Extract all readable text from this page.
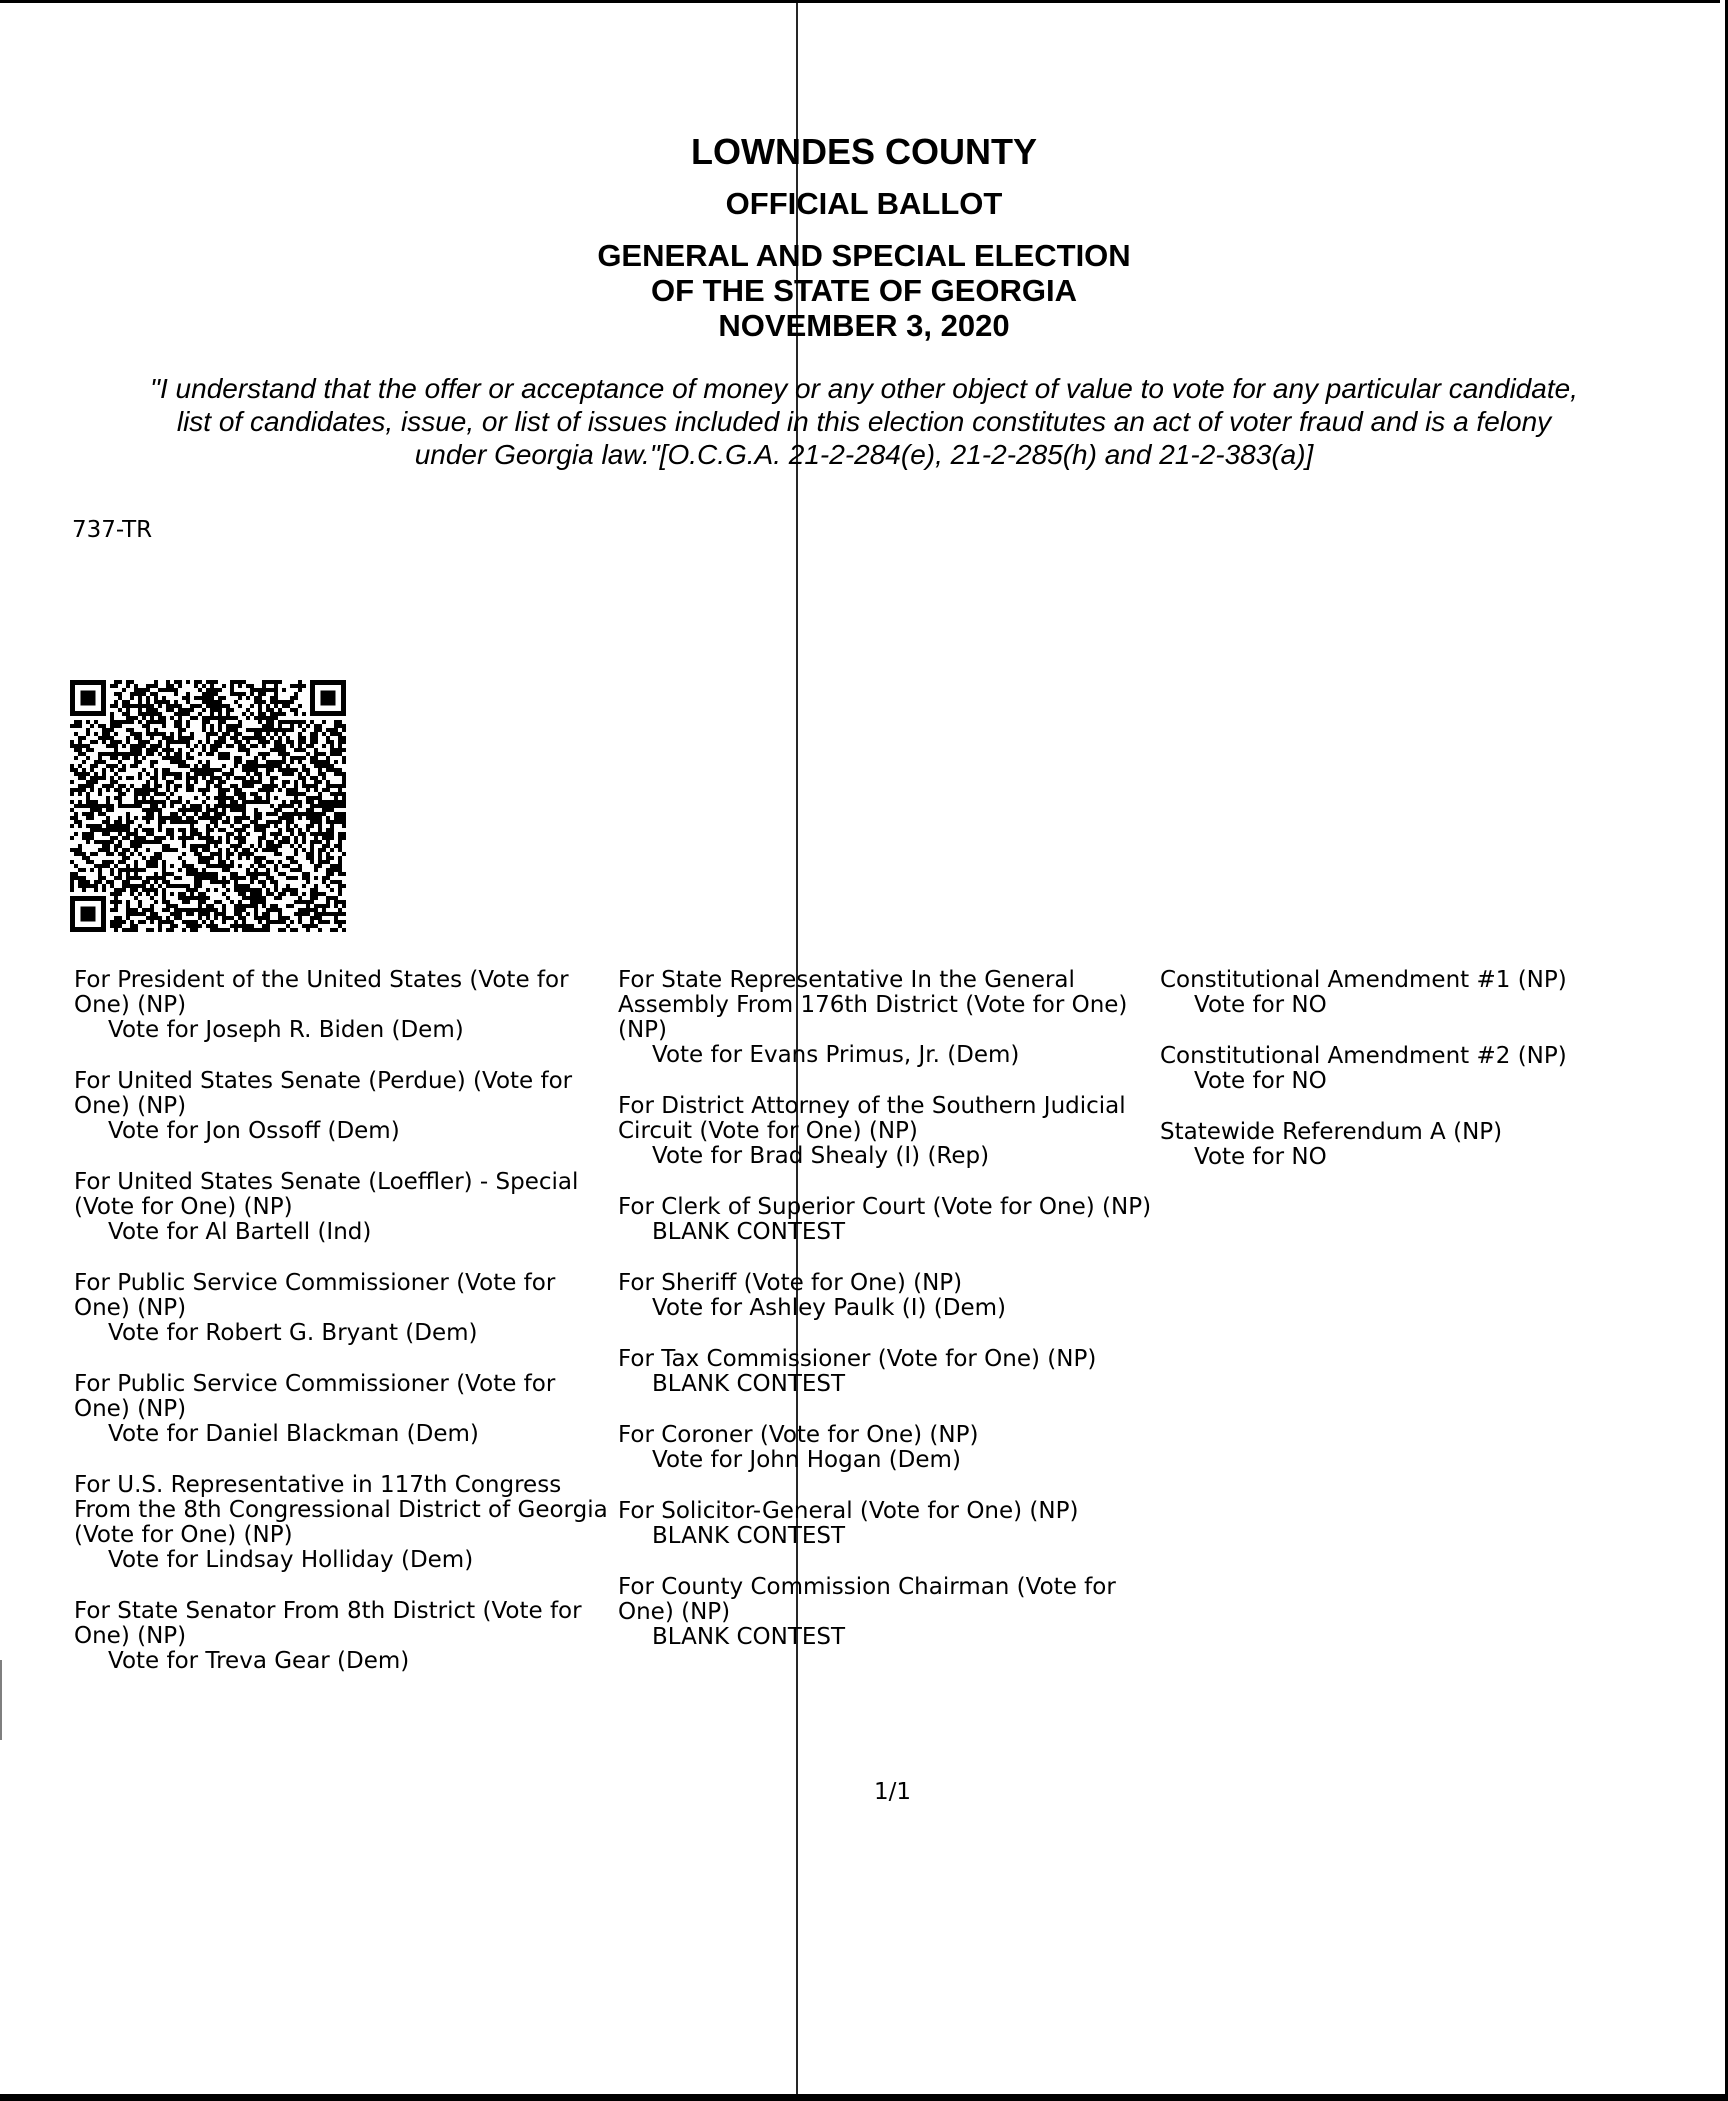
LOWNDES COUNTY
OFFICIAL BALLOT
GENERAL AND SPECIAL ELECTION
OF THE STATE OF GEORGIA
NOVEMBER 3, 2020
"I understand that the offer or acceptance of money or any other object of value to vote for any particular candidate,
list of candidates, issue, or list of issues included in this election constitutes an act of voter fraud and is a felony
under Georgia law."[O.C.G.A. 21-2-284(e), 21-2-285(h) and 21-2-383(a)]
737-TR
For President of the United States (Vote for One) (NP)
Vote for Joseph R. Biden (Dem)
For United States Senate (Perdue) (Vote for One) (NP)
Vote for Jon Ossoff (Dem)
For United States Senate (Loeffler) - Special (Vote for One) (NP)
Vote for Al Bartell (Ind)
For Public Service Commissioner (Vote for One) (NP)
Vote for Robert G. Bryant (Dem)
For Public Service Commissioner (Vote for One) (NP)
Vote for Daniel Blackman (Dem)
For U.S. Representative in 117th Congress From the 8th Congressional District of Georgia (Vote for One) (NP)
Vote for Lindsay Holliday (Dem)
For State Senator From 8th District (Vote for One) (NP)
Vote for Treva Gear (Dem)
For State Representative In the General Assembly From 176th District (Vote for One) (NP)
Vote for Evans Primus, Jr. (Dem)
For District Attorney of the Southern Judicial Circuit (Vote for One) (NP)
Vote for Brad Shealy (I) (Rep)
For Clerk of Superior Court (Vote for One) (NP)
BLANK CONTEST
For Sheriff (Vote for One) (NP)
Vote for Ashley Paulk (I) (Dem)
For Tax Commissioner (Vote for One) (NP)
BLANK CONTEST
For Coroner (Vote for One) (NP)
Vote for John Hogan (Dem)
For Solicitor-General (Vote for One) (NP)
BLANK CONTEST
For County Commission Chairman (Vote for One) (NP)
BLANK CONTEST
Constitutional Amendment #1 (NP)
Vote for NO
Constitutional Amendment #2 (NP)
Vote for NO
Statewide Referendum A (NP)
Vote for NO
1/1
